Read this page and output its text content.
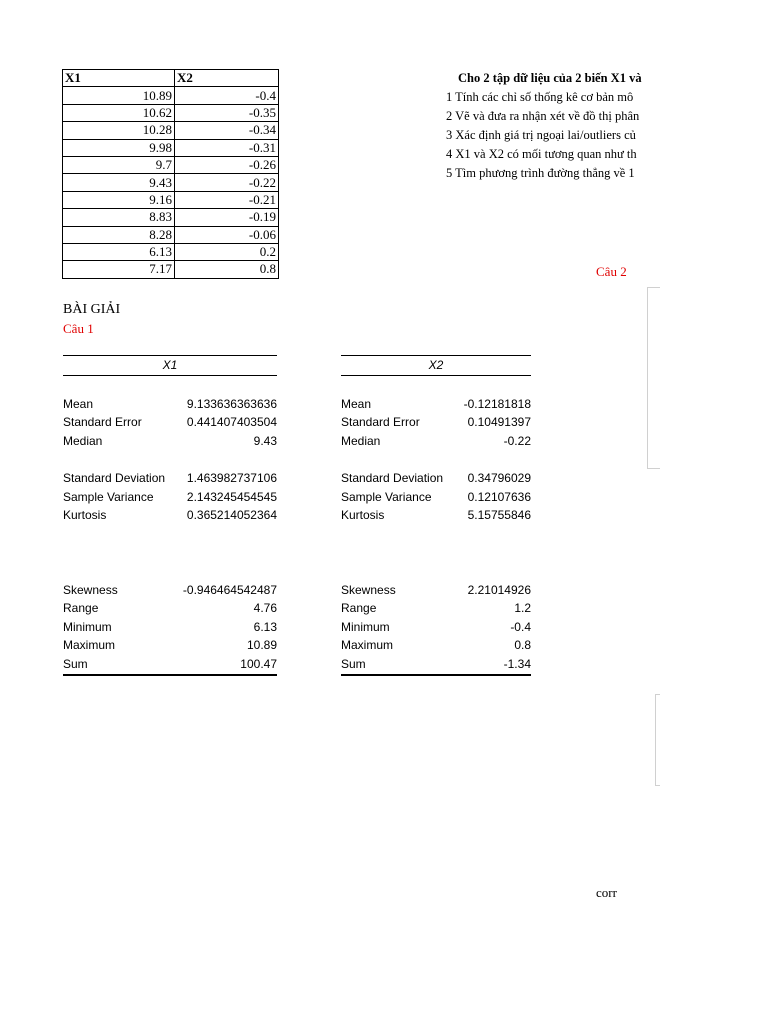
X1	X2
10.89	-0.4
10.62	-0.35
10.28	-0.34
9.98	-0.31
9.7	-0.26
9.43	-0.22
9.16	-0.21
8.83	-0.19
8.28	-0.06
6.13	0.2
7.17	0.8
Cho 2 tập dữ liệu của 2 biến X1 và
1 Tính các chỉ số thống kê cơ bản mô
2 Vẽ và đưa ra nhận xét về đồ thị phân
3 Xác định giá trị ngoại lai/outliers củ
4 X1 và X2 có mối tương quan như th
5 Tìm phương trình đường thẳng về 1
Câu 2
BÀI GIẢI
Câu 1
X1
Mean	9.133636363636
Standard Error	0.441407403504
Median	9.43
Standard Deviation 1.463982737106
Sample Variance	2.143245454545
Kurtosis	0.365214052364
Skewness	-0.946464542487
Range	4.76
Minimum	6.13
Maximum	10.89
Sum	100.47
X2
Mean	-0.12181818
Standard Error	0.10491397
Median	-0.22
Standard Deviation 0.34796029
Sample Variance	0.12107636
Kurtosis	5.15755846
Skewness	2.21014926
Range	1.2
Minimum	-0.4
Maximum	0.8
Sum	-1.34
corr
